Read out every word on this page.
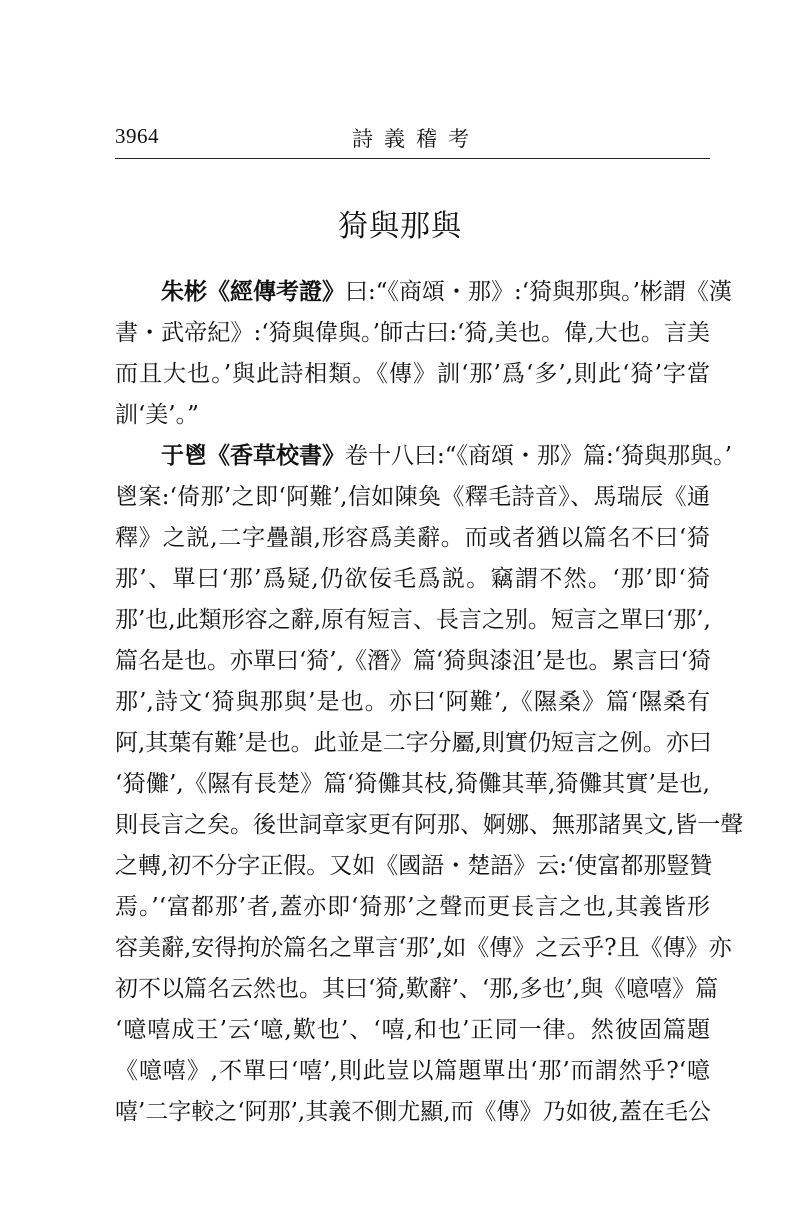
3964	詩義稽考
猗與那與
朱彬《經傳考證》曰:“《商頌・那》:‘猗與那與。’彬謂《漢
書・武帝紀》:‘猗與偉與。’師古曰:‘猗,美也。偉,大也。言美
而且大也。’與此詩相類。《傳》訓‘那’爲‘多’,則此‘猗’字當
訓‘美’。”
于鬯《香草校書》卷十八曰:“《商頌・那》篇:‘猗與那與。’
鬯案:‘倚那’之即‘阿難’,信如陳奐《釋毛詩音》、馬瑞辰《通
釋》之説,二字疊韻,形容爲美辭。而或者猶以篇名不曰‘猗
那’、單曰‘那’爲疑,仍欲佞毛爲説。竊謂不然。‘那’即‘猗
那’也,此類形容之辭,原有短言、長言之别。短言之單曰‘那’,
篇名是也。亦單曰‘猗’,《潛》篇‘猗與漆沮’是也。累言曰‘猗
那’,詩文‘猗與那與’是也。亦曰‘阿難’,《隰桑》篇‘隰桑有
阿,其葉有難’是也。此並是二字分屬,則實仍短言之例。亦曰
‘猗儺’,《隰有長楚》篇‘猗儺其枝,猗儺其華,猗儺其實’是也,
則長言之矣。後世詞章家更有阿那、婀娜、無那諸異文,皆一聲
之轉,初不分字正假。又如《國語・楚語》云:‘使富都那豎贊
焉。’‘富都那’者,蓋亦即‘猗那’之聲而更長言之也,其義皆形
容美辭,安得拘於篇名之單言‘那’,如《傳》之云乎?且《傳》亦
初不以篇名云然也。其曰‘猗,歎辭’、‘那,多也’,與《噫嘻》篇
‘噫嘻成王’云‘噫,歎也’、‘嘻,和也’正同一律。然彼固篇題
《噫嘻》,不單曰‘嘻’,則此豈以篇題單出‘那’而謂然乎?‘噫
嘻’二字較之‘阿那’,其義不側尤顯,而《傳》乃如彼,蓋在毛公
